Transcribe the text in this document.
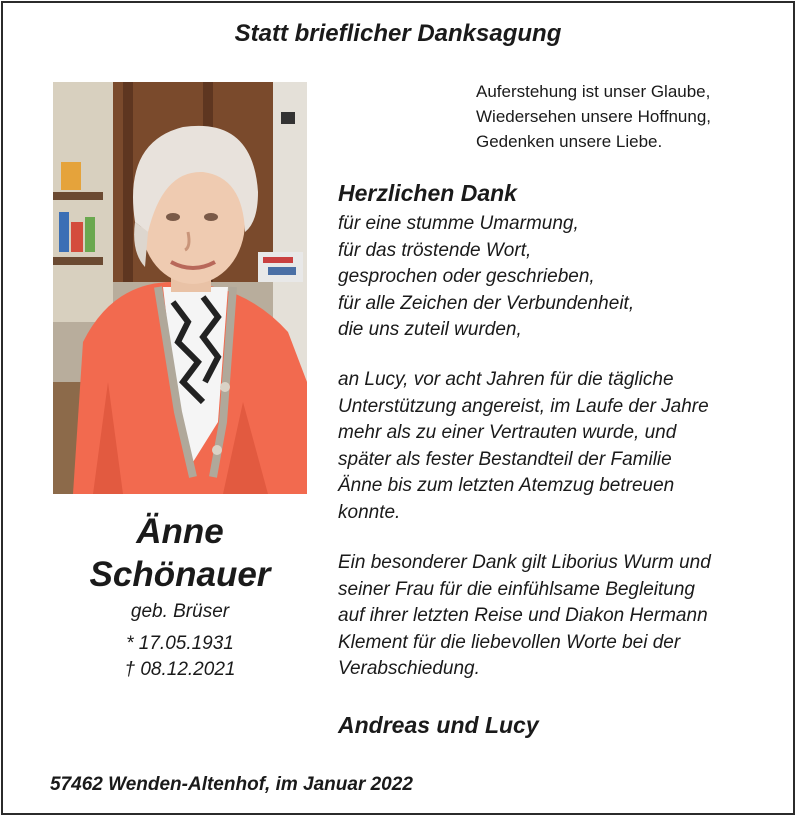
Statt brieflicher Danksagung
Änne
Schönauer
geb. Brüser
* 17.05.1931
† 08.12.2021
Auferstehung ist unser Glaube,
Wiedersehen unsere Hoffnung,
Gedenken unsere Liebe.
Herzlichen Dank
für eine stumme Umarmung,
für das tröstende Wort,
gesprochen oder geschrieben,
für alle Zeichen der Verbundenheit,
die uns zuteil wurden,
an Lucy, vor acht Jahren für die tägliche
Unterstützung angereist, im Laufe der Jahre
mehr als zu einer Vertrauten wurde, und
später als fester Bestandteil der Familie
Änne bis zum letzten Atemzug betreuen
konnte.
Ein besonderer Dank gilt Liborius Wurm und
seiner Frau für die einfühlsame Begleitung
auf ihrer letzten Reise und Diakon Hermann
Klement für die liebevollen Worte bei der
Verabschiedung.
Andreas und Lucy
57462 Wenden-Altenhof, im Januar 2022
